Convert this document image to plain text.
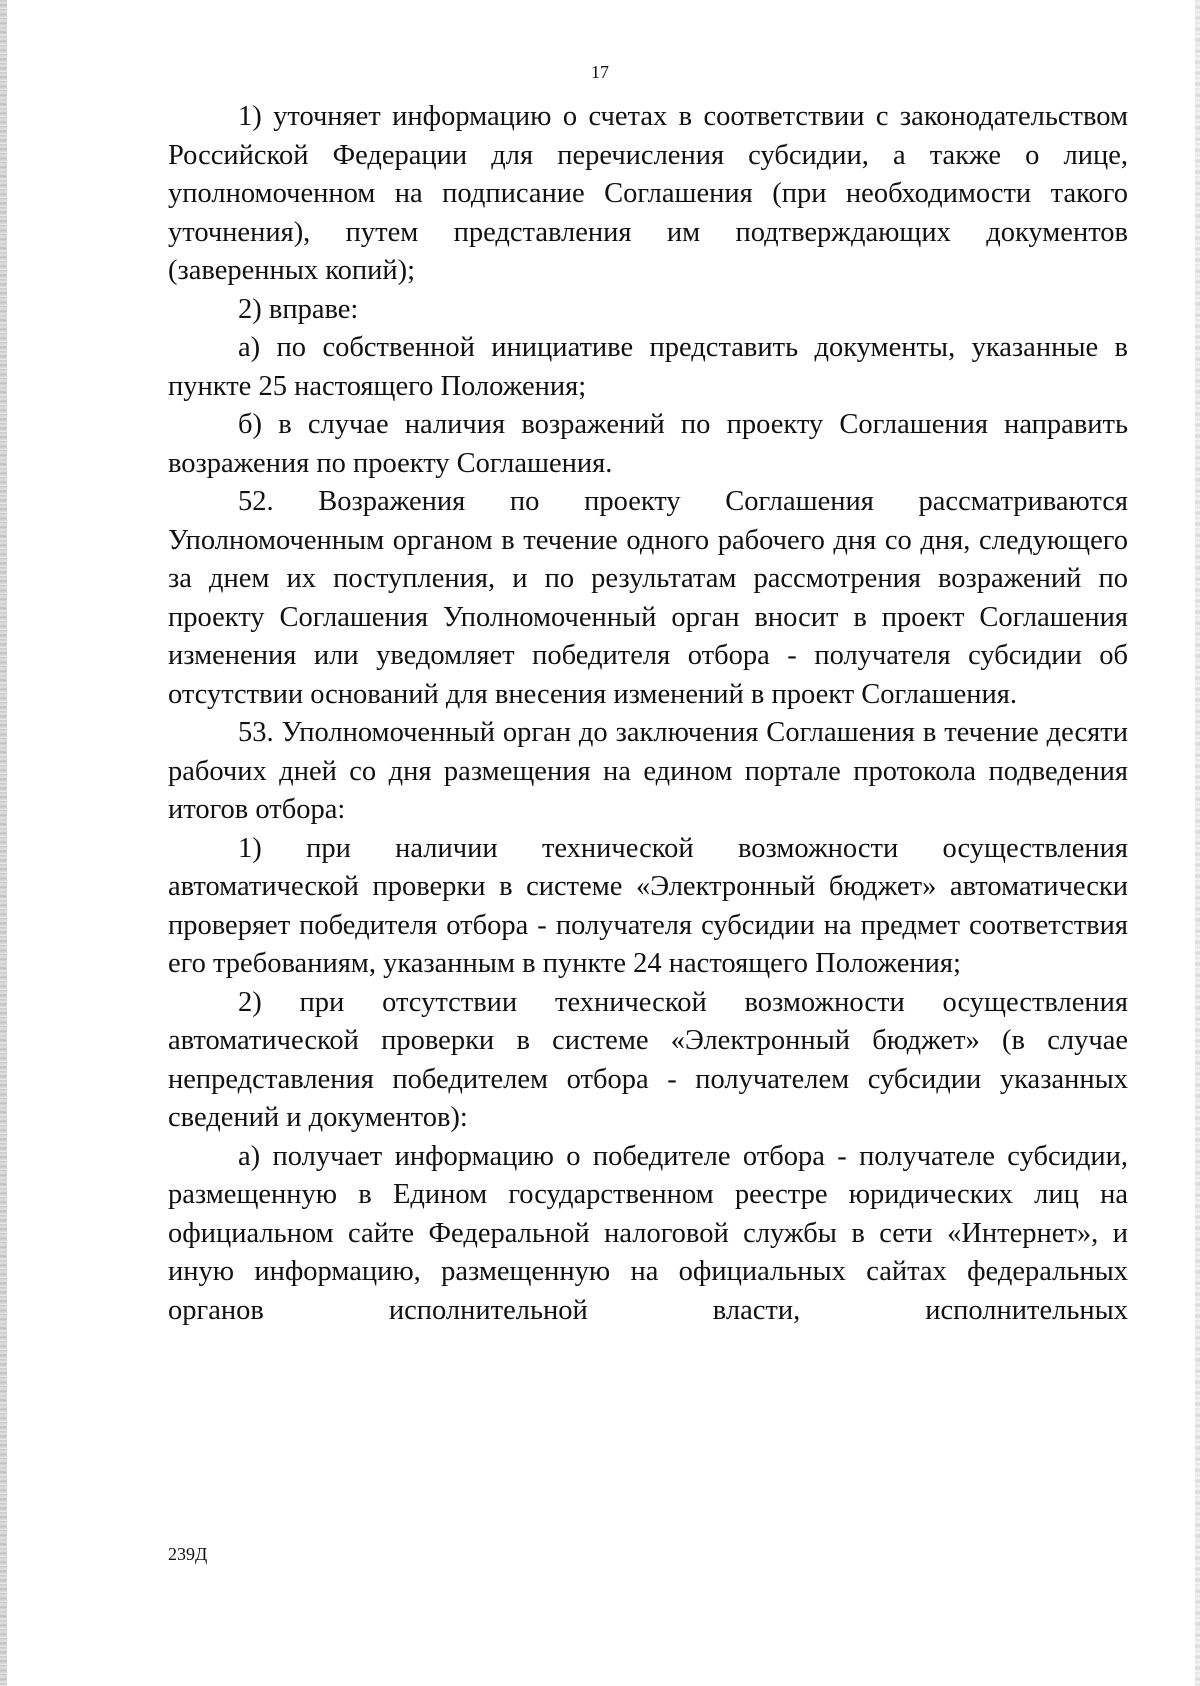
17

1) уточняет информацию о счетах в соответствии с законодательством Российской Федерации для перечисления субсидии, а также о лице, уполномоченном на подписание Соглашения (при необходимости такого уточнения), путем представления им подтверждающих документов (заверенных копий);

2) вправе:

а) по собственной инициативе представить документы, указанные в пункте 25 настоящего Положения;

б) в случае наличия возражений по проекту Соглашения направить возражения по проекту Соглашения.

52. Возражения по проекту Соглашения рассматриваются Уполномоченным органом в течение одного рабочего дня со дня, следующего за днем их поступления, и по результатам рассмотрения возражений по проекту Соглашения Уполномоченный орган вносит в проект Соглашения изменения или уведомляет победителя отбора - получателя субсидии об отсутствии оснований для внесения изменений в проект Соглашения.

53. Уполномоченный орган до заключения Соглашения в течение десяти рабочих дней со дня размещения на едином портале протокола подведения итогов отбора:

1) при наличии технической возможности осуществления автоматической проверки в системе «Электронный бюджет» автоматически проверяет победителя отбора - получателя субсидии на предмет соответствия его требованиям, указанным в пункте 24 настоящего Положения;

2) при отсутствии технической возможности осуществления автоматической проверки в системе «Электронный бюджет» (в случае непредставления победителем отбора - получателем субсидии указанных сведений и документов):

а) получает информацию о победителе отбора - получателе субсидии, размещенную в Едином государственном реестре юридических лиц на официальном сайте Федеральной налоговой службы в сети «Интернет», и иную информацию, размещенную на официальных сайтах федеральных органов исполнительной власти, исполнительных

239Д
